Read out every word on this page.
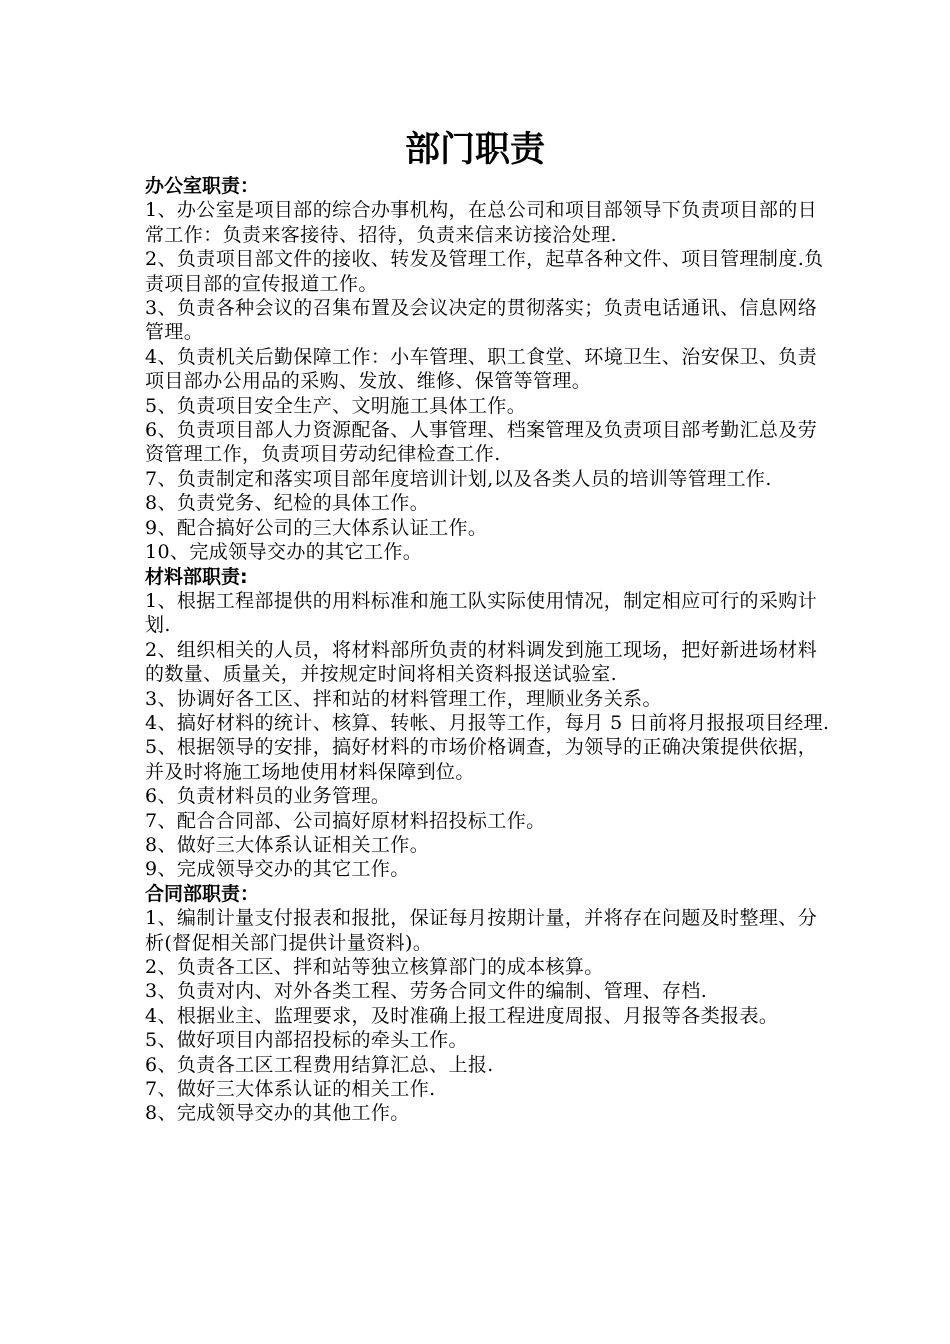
部门职责

办公室职责：

1、办公室是项目部的综合办事机构，在总公司和项目部领导下负责项目部的日常工作：负责来客接待、招待，负责来信来访接洽处理.

2、负责项目部文件的接收、转发及管理工作，起草各种文件、项目管理制度.负责项目部的宣传报道工作。

3、负责各种会议的召集布置及会议决定的贯彻落实；负责电话通讯、信息网络管理。

4、负责机关后勤保障工作：小车管理、职工食堂、环境卫生、治安保卫、负责项目部办公用品的采购、发放、维修、保管等管理。

5、负责项目安全生产、文明施工具体工作。

6、负责项目部人力资源配备、人事管理、档案管理及负责项目部考勤汇总及劳资管理工作，负责项目劳动纪律检查工作.

7、负责制定和落实项目部年度培训计划,以及各类人员的培训等管理工作.

8、负责党务、纪检的具体工作。

9、配合搞好公司的三大体系认证工作。

10、完成领导交办的其它工作。

材料部职责:

1、根据工程部提供的用料标准和施工队实际使用情况，制定相应可行的采购计划.

2、组织相关的人员，将材料部所负责的材料调发到施工现场，把好新进场材料的数量、质量关，并按规定时间将相关资料报送试验室.

3、协调好各工区、拌和站的材料管理工作，理顺业务关系。

4、搞好材料的统计、核算、转帐、月报等工作，每月 5 日前将月报报项目经理.

5、根据领导的安排，搞好材料的市场价格调查，为领导的正确决策提供依据，并及时将施工场地使用材料保障到位。

6、负责材料员的业务管理。

7、配合合同部、公司搞好原材料招投标工作。

8、做好三大体系认证相关工作。

9、完成领导交办的其它工作。

合同部职责：

1、编制计量支付报表和报批，保证每月按期计量，并将存在问题及时整理、分析(督促相关部门提供计量资料)。

2、负责各工区、拌和站等独立核算部门的成本核算。

3、负责对内、对外各类工程、劳务合同文件的编制、管理、存档.

4、根据业主、监理要求，及时准确上报工程进度周报、月报等各类报表。

5、做好项目内部招投标的牵头工作。

6、负责各工区工程费用结算汇总、上报.

7、做好三大体系认证的相关工作.

8、完成领导交办的其他工作。
